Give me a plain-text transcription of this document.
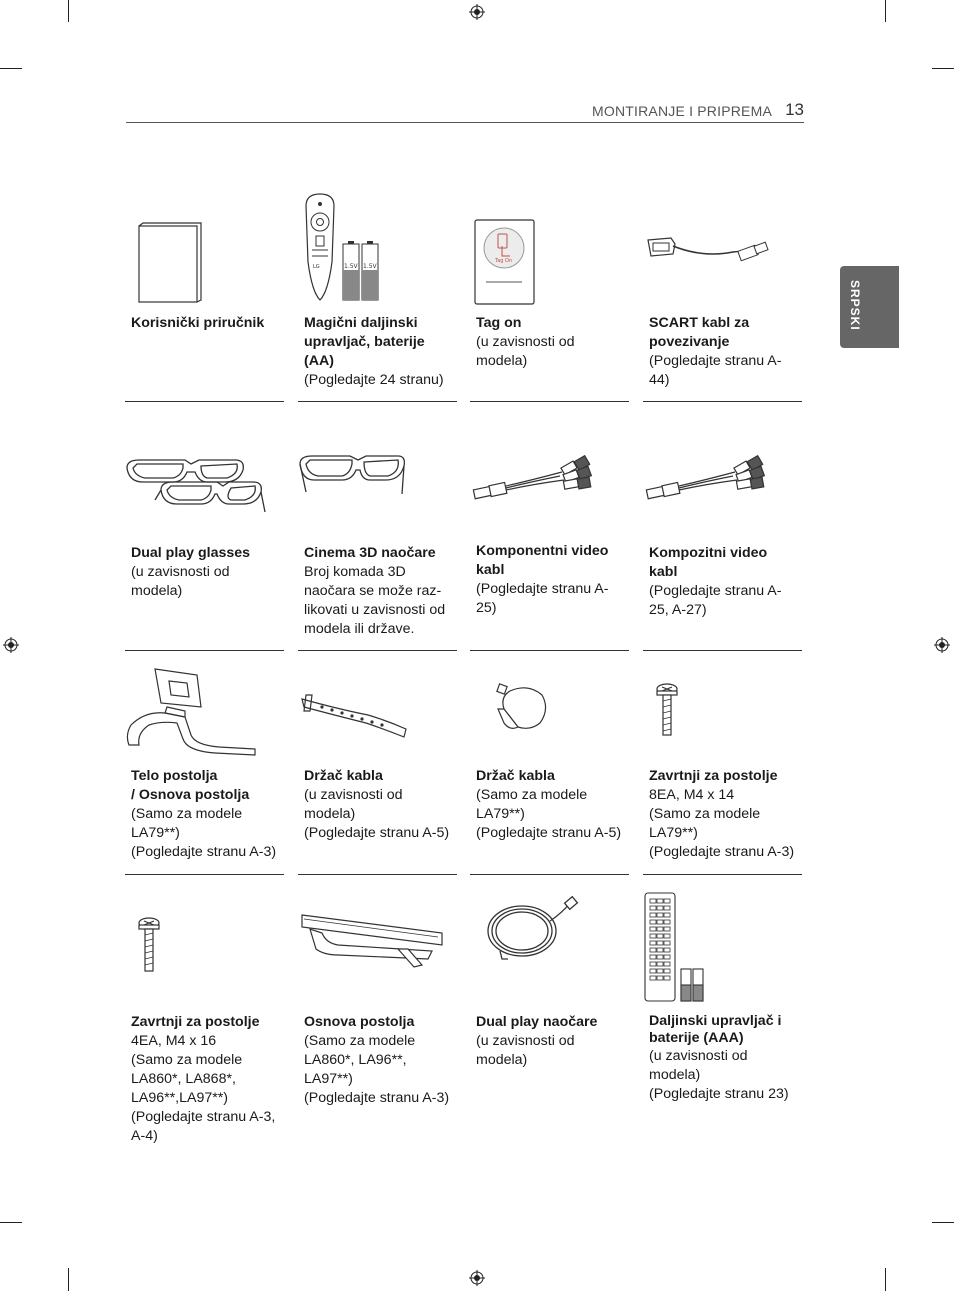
MONTIRANJE I PRIPREMA 13
SRPSKI
Korisnički priručnik
LG	1.5V 1.5V
Magični daljinski upravljač, baterije (AA)
(Pogledajte 24 stranu)
Tag On
Tag on
(u zavisnosti od modela)
SCART kabl za povezivanje
(Pogledajte stranu A-44)
Dual play glasses
(u zavisnosti od modela)
Cinema 3D naočare
Broj komada 3D naočara se može raz-likovati u zavisnosti od modela ili države.
Komponentni video kabl
(Pogledajte stranu A-25)
Kompozitni video kabl
(Pogledajte stranu A-25, A-27)
Telo postolja
/ Osnova postolja
(Samo za modele LA79**)
(Pogledajte stranu A-3)
Držač kabla
(u zavisnosti od modela)
(Pogledajte stranu A-5)
Držač kabla
(Samo za modele LA79**)
(Pogledajte stranu A-5)
Zavrtnji za postolje
8EA, M4 x 14
(Samo za modele LA79**)
(Pogledajte stranu A-3)
Zavrtnji za postolje
4EA, M4 x 16
(Samo za modele LA860*, LA868*, LA96**,LA97**)
(Pogledajte stranu A-3, A-4)
Osnova postolja
(Samo za modele LA860*, LA96**, LA97**)
(Pogledajte stranu A-3)
Dual play naočare
(u zavisnosti od modela)
Daljinski upravljač i baterije (AAA)
(u zavisnosti od modela)
(Pogledajte stranu 23)
